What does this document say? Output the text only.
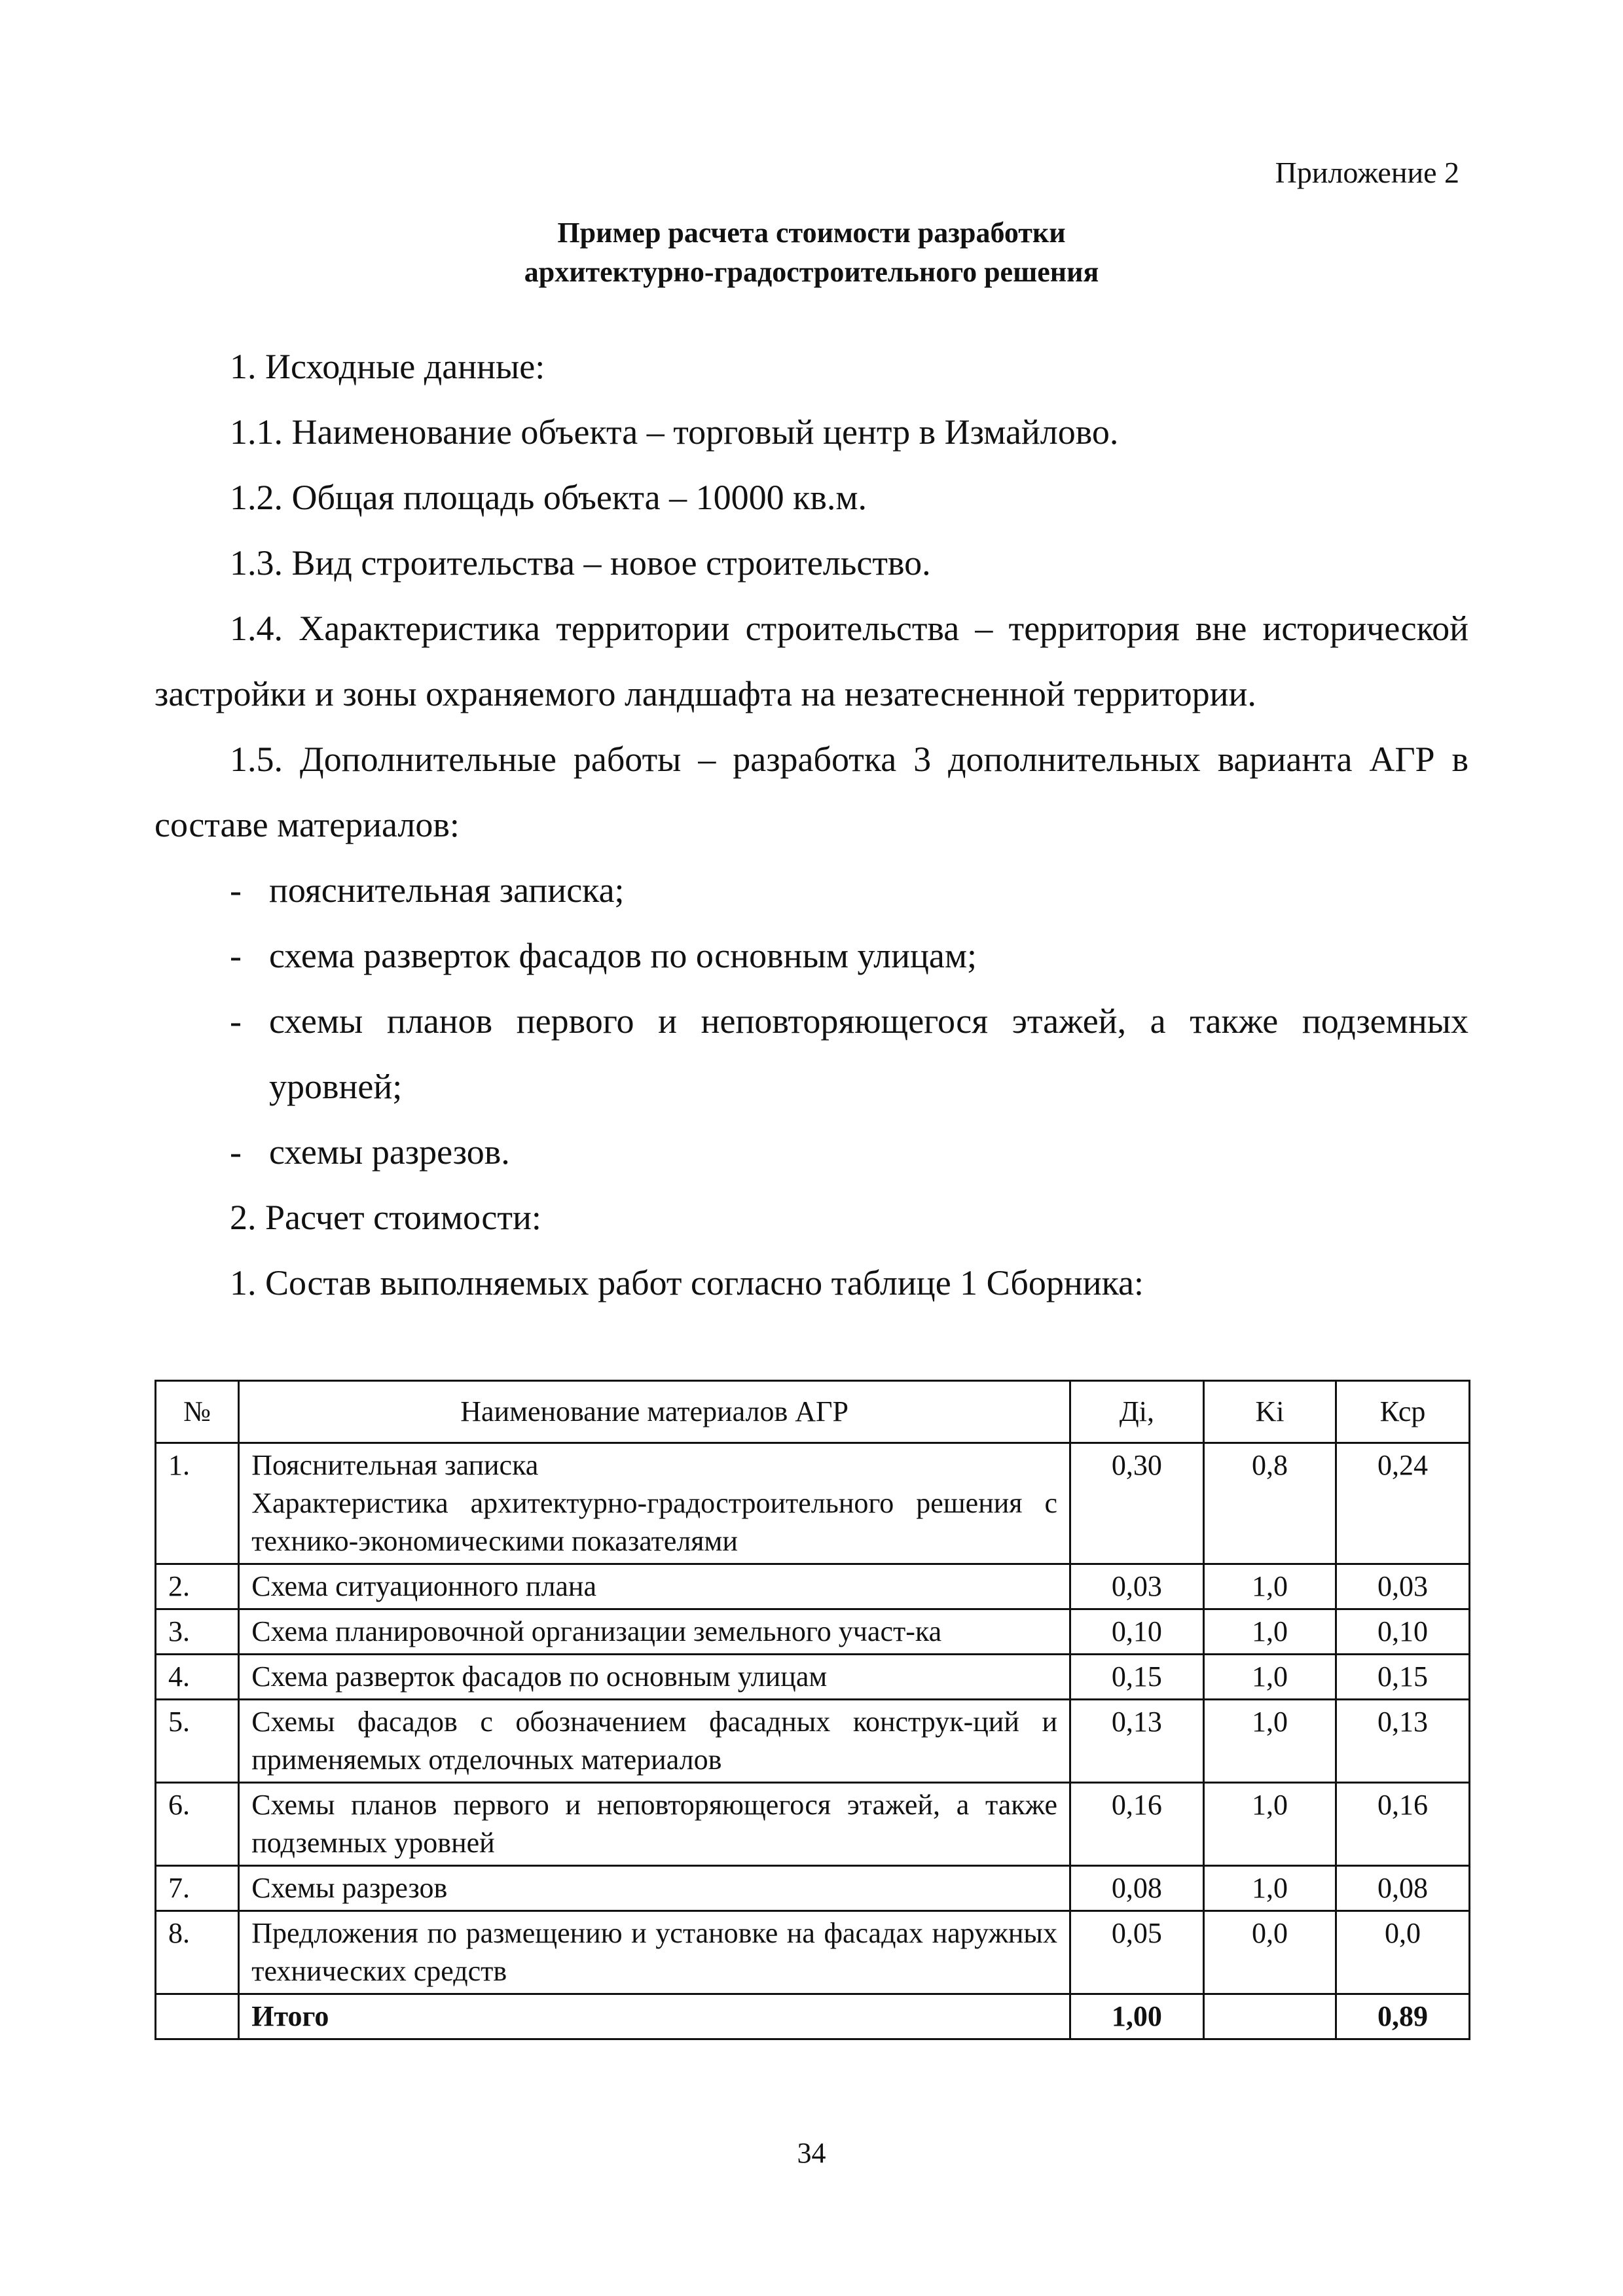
Приложение 2
Пример расчета стоимости разработки
архитектурно-градостроительного решения

1. Исходные данные:

1.1. Наименование объекта – торговый центр в Измайлово.

1.2. Общая площадь объекта – 10000 кв.м.

1.3. Вид строительства – новое строительство.

1.4. Характеристика территории строительства – территория вне исторической застройки и зоны охраняемого ландшафта на незатесненной территории.

1.5. Дополнительные работы – разработка 3 дополнительных варианта АГР в составе материалов:

- пояснительная записка;

- схема разверток фасадов по основным улицам;

- схемы планов первого и неповторяющегося этажей, а также подземных уровней;

- схемы разрезов.

2. Расчет стоимости:

1. Состав выполняемых работ согласно таблице 1 Сборника:

№	Наименование материалов АГР	Дi,	Ki	Кср
1.	Пояснительная записка
Характеристика архитектурно-градостроительного решения с технико-экономическими показателями	0,30	0,8	0,24
2.	Схема ситуационного плана	0,03	1,0	0,03
3.	Схема планировочной организации земельного участ-ка	0,10	1,0	0,10
4.	Схема разверток фасадов по основным улицам	0,15	1,0	0,15
5.	Схемы фасадов с обозначением фасадных конструк-ций и применяемых отделочных материалов	0,13	1,0	0,13
6.	Схемы планов первого и неповторяющегося этажей, а также подземных уровней	0,16	1,0	0,16
7.	Схемы разрезов	0,08	1,0	0,08
8.	Предложения по размещению и установке на фасадах наружных технических средств	0,05	0,0	0,0
	Итого	1,00		0,89
34
